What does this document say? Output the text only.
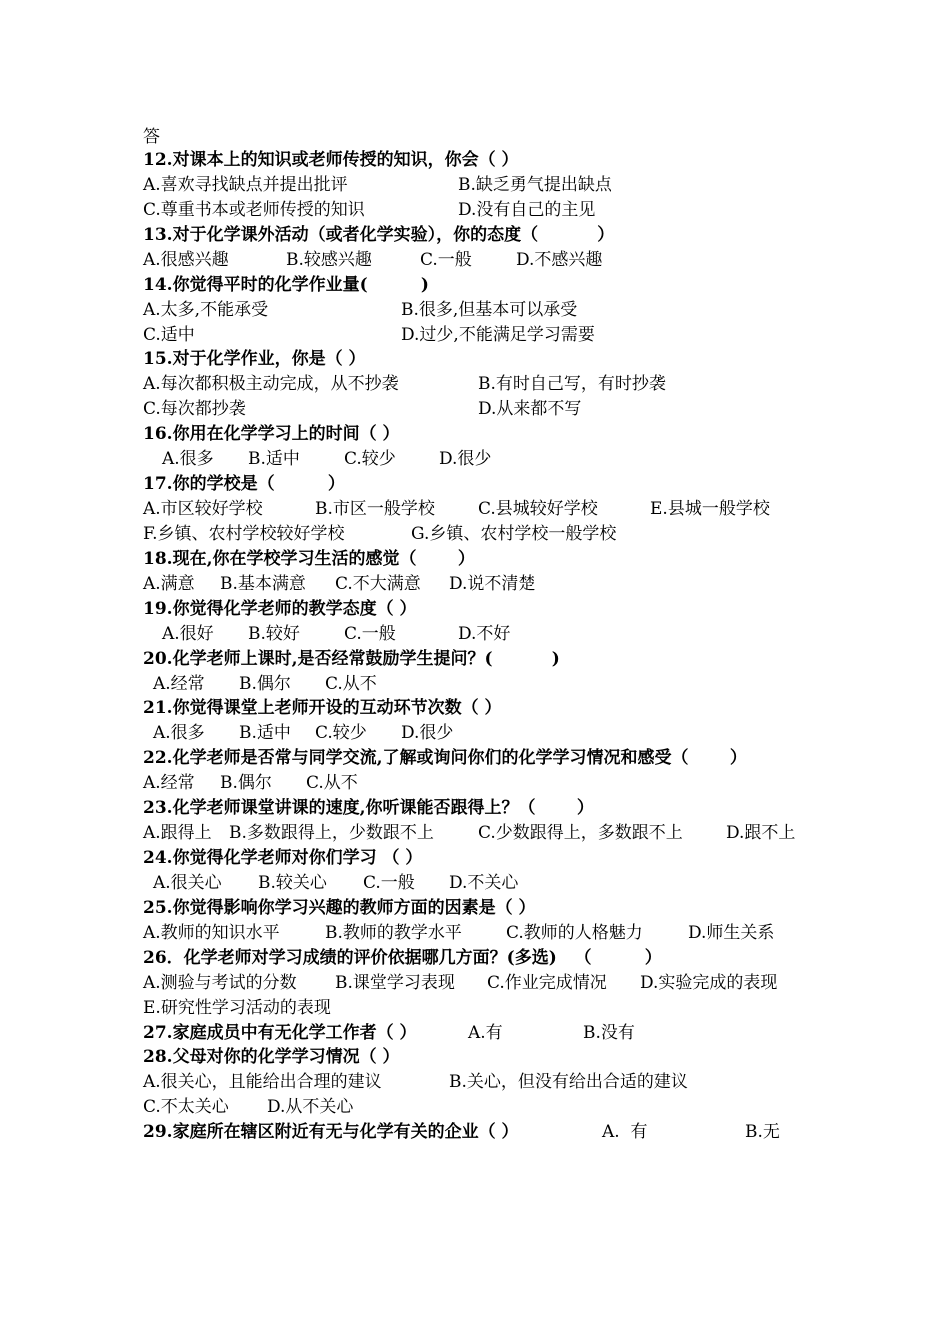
答
12.对课本上的知识或老师传授的知识，你会（ ）

A.喜欢寻找缺点并提出批评

	B.缺乏勇气提出缺点

C.尊重书本或老师传授的知识

	D.没有自己的主见

13.对于化学课外活动（或者化学实验），你的态度（          ）

A.很感兴趣

	B.较感兴趣

	C.一般

	D.不感兴趣

14.你觉得平时的化学作业量(         )

A.太多,不能承受

	B.很多,但基本可以承受

C.适中

	D.过少,不能满足学习需要

15.对于化学作业，你是（ ）

A.每次都积极主动完成，从不抄袭

	B.有时自己写，有时抄袭

C.每次都抄袭

	D.从来都不写

16.你用在化学学习上的时间（ ）

A.很多

B.适中

	C.较少

	D.很少

17.你的学校是（         ）

A.市区较好学校

	B.市区一般学校

	C.县城较好学校

	E.县城一般学校

F.乡镇、农村学校较好学校

	G.乡镇、农村学校一般学校

18.现在,你在学校学习生活的感觉（       ）

A.满意

B.基本满意

C.不大满意

D.说不清楚

19.你觉得化学老师的教学态度（ ）

A.很好

B.较好

	C.一般

	D.不好

20.化学老师上课时,是否经常鼓励学生提问？(          )

A.经常

B.偶尔

C.从不

21.你觉得课堂上老师开设的互动环节次数（ ）

A.很多

B.适中

C.较少

D.很少

22.化学老师是否常与同学交流,了解或询问你们的化学学习情况和感受（       ）

A.经常

B.偶尔

C.从不

23.化学老师课堂讲课的速度,你听课能否跟得上？（       ）

A.跟得上

B.多数跟得上，少数跟不上

	C.少数跟得上，多数跟不上

	D.跟不上

24.你觉得化学老师对你们学习 （ ）

A.很关心

B.较关心

C.一般

D.不关心

25.你觉得影响你学习兴趣的教师方面的因素是（ ）

A.教师的知识水平

	B.教师的教学水平

	C.教师的人格魅力

	D.师生关系

26．化学老师对学习成绩的评价依据哪几方面？(多选)   （         ）

A.测验与考试的分数

B.课堂学习表现

C.作业完成情况

D.实验完成的表现

E.研究性学习活动的表现

27.家庭成员中有无化学工作者（ ）

	A.有

	B.没有

28.父母对你的化学学习情况（ ）

A.很关心，且能给出合理的建议

	B.关心，但没有给出合适的建议

C.不太关心

D.从不关心

29.家庭所在辖区附近有无与化学有关的企业（ ）

	A.  有

	B.无
